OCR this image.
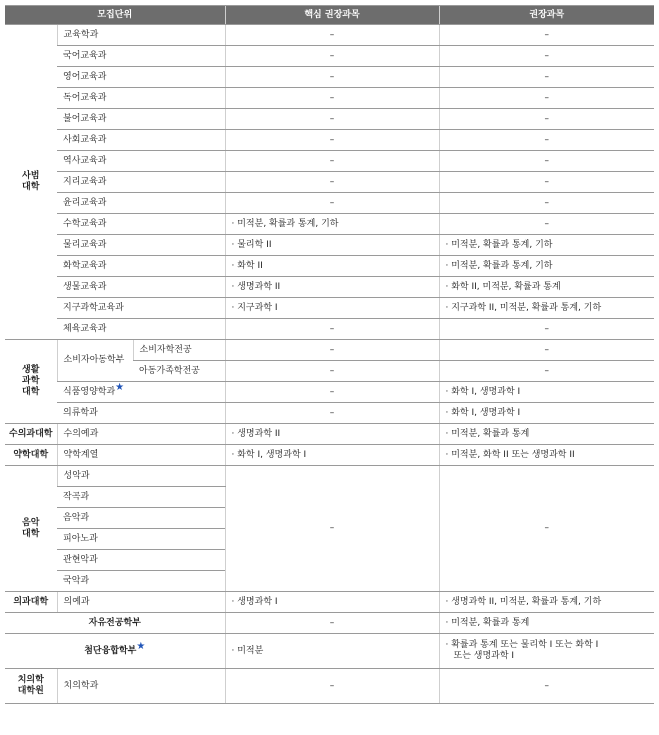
모집단위			핵심 권장과목	권장과목
사범
대학	교육학과		–	–
	국어교육과		–	–
	영어교육과		–	–
	독어교육과		–	–
	불어교육과		–	–
	사회교육과		–	–
	역사교육과		–	–
	지리교육과		–	–
	윤리교육과		–	–
	수학교육과		· 미적분, 확률과 통계, 기하	–
	물리교육과		· 물리학 II	· 미적분, 확률과 통계, 기하
	화학교육과		· 화학 II	· 미적분, 확률과 통계, 기하
	생물교육과		· 생명과학 II	· 화학 II, 미적분, 확률과 통계
	지구과학교육과		· 지구과학 I	· 지구과학 II, 미적분, 확률과 통계, 기하
	체육교육과		–	–
생활
과학
대학	소비자아동학부	소비자학전공	–	–
		아동가족학전공	–	–
	식품영양학과★		–	· 화학 I, 생명과학 I
	의류학과		–	· 화학 I, 생명과학 I
수의과대학	수의예과		· 생명과학 II	· 미적분, 확률과 통계
약학대학	약학계열		· 화학 I, 생명과학 I	· 미적분, 화학 II 또는 생명과학 II
음악
대학	성악과		–	–
	작곡과			
	음악과			
	피아노과			
	관현악과			
	국악과			
의과대학	의예과		· 생명과학 I	· 생명과학 II, 미적분, 확률과 통계, 기하
자유전공학부			–	· 미적분, 확률과 통계
첨단융합학부★			· 미적분	· 확률과 통계 또는 물리학 I 또는 화학 I
또는 생명과학 I

치의학
대학원	치의학과		–	–
